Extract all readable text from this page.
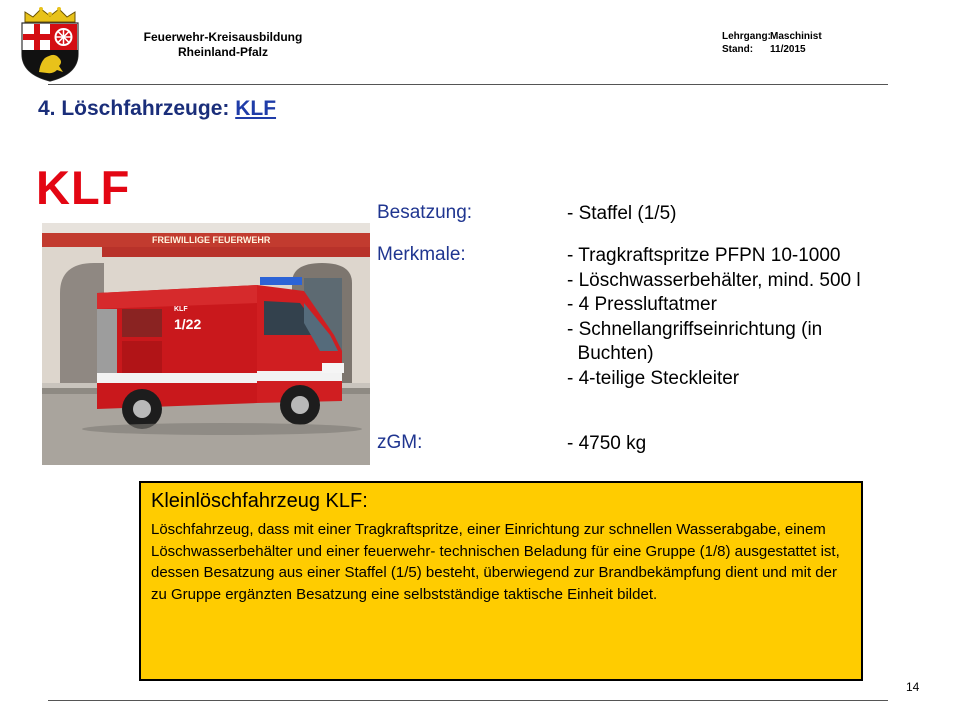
Feuerwehr-Kreisausbildung
Rheinland-Pfalz
Lehrgang: Maschinist
Stand:	11/2015
4. Löschfahrzeuge: KLF
KLF
FREIWILLIGE FEUERWEHR
1/22
KLF
Besatzung:	- Staffel (1/5)
Merkmale:	- Tragkraftspritze PFPN 10-1000
- Löschwasserbehälter, mind. 500 l
- 4 Pressluftatmer
- Schnellangriffseinrichtung (in
Buchten)
- 4-teilige Steckleiter
zGM:	- 4750 kg
Kleinlöschfahrzeug KLF:
Löschfahrzeug, dass mit einer Tragkraftspritze, einer Einrichtung zur schnellen Wasserabgabe, einem Löschwasserbehälter und einer feuerwehr- technischen Beladung für eine Gruppe (1/8) ausgestattet ist, dessen Besatzung aus einer Staffel (1/5) besteht, überwiegend zur Brandbekämpfung dient und mit der zu Gruppe ergänzten Besatzung eine selbstständige taktische Einheit bildet.
14
